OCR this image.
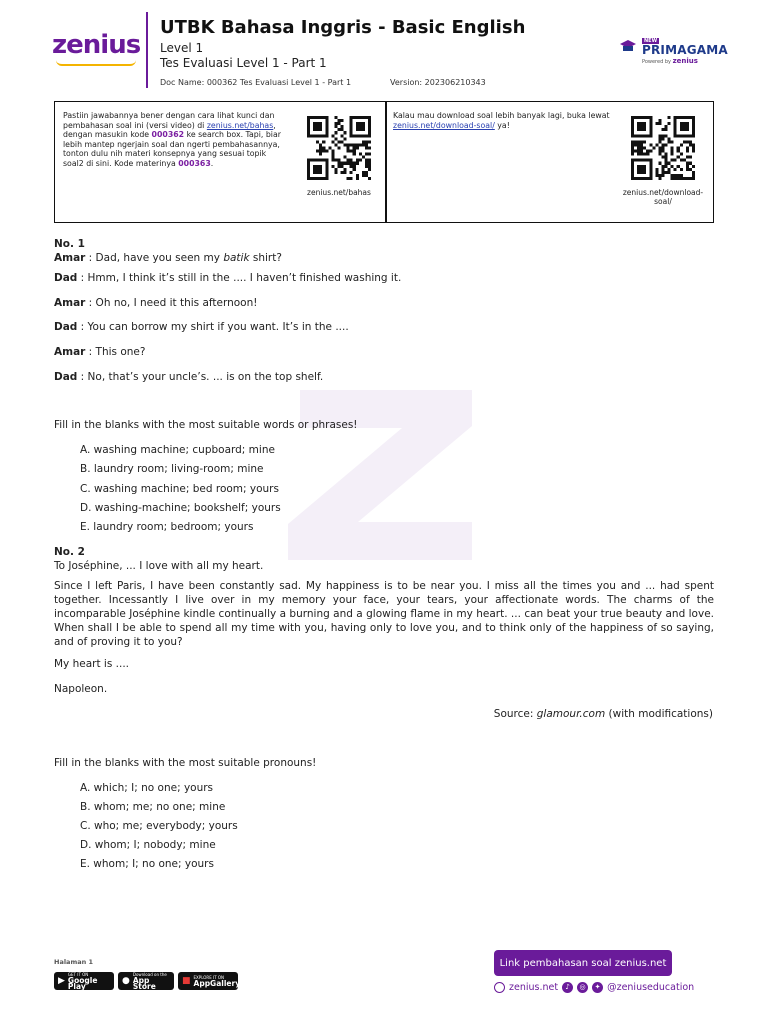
zenius
UTBK Bahasa Inggris - Basic English
Level 1
Tes Evaluasi Level 1 - Part 1
Doc Name: 000362 Tes Evaluasi Level 1 - Part 1	Version: 202306210343
NEW
PRIMAGAMA
Powered by zenius
Pastiin jawabannya bener dengan cara lihat kunci dan pembahasan soal ini (versi video) di zenius.net/bahas, dengan masukin kode 000362 ke search box. Tapi, biar lebih mantep ngerjain soal dan ngerti pembahasannya, tonton dulu nih materi konsepnya yang sesuai topik soal2 di sini. Kode materinya 000363.
zenius.net/bahas
Kalau mau download soal lebih banyak lagi, buka lewat zenius.net/download-soal/ ya!
zenius.net/download-
soal/
No. 1
Amar : Dad, have you seen my batik shirt?
Dad : Hmm, I think it’s still in the .... I haven’t finished washing it.
Amar : Oh no, I need it this afternoon!
Dad : You can borrow my shirt if you want. It’s in the ....
Amar : This one?
Dad : No, that’s your uncle’s. ... is on the top shelf.
Fill in the blanks with the most suitable words or phrases!
A. washing machine; cupboard; mine
B. laundry room; living-room; mine
C. washing machine; bed room; yours
D. washing-machine; bookshelf; yours
E. laundry room; bedroom; yours
No. 2
To Joséphine, ... I love with all my heart.
Since I left Paris, I have been constantly sad. My happiness is to be near you. I miss all the times you and ... had spent together. Incessantly I live over in my memory your face, your tears, your affectionate words. The charms of the incomparable Joséphine kindle continually a burning and a glowing flame in my heart. ... can beat your true beauty and love. When shall I be able to spend all my time with you, having only to love you, and to think only of the happiness of so saying, and of proving it to you?
My heart is ....
Napoleon.
Source: glamour.com (with modifications)
Fill in the blanks with the most suitable pronouns!
A. which; I; no one; yours
B. whom; me; no one; mine
C. who; me; everybody; yours
D. whom; I; nobody; mine
E. whom; I; no one; yours
Halaman 1
▶
GET IT ON
Google Play
●
Download on the
App Store
■ EXPLORE IT ON
AppGallery
Link pembahasan soal zenius.net
zenius.net	♪	◎	✦ @zeniuseducation
